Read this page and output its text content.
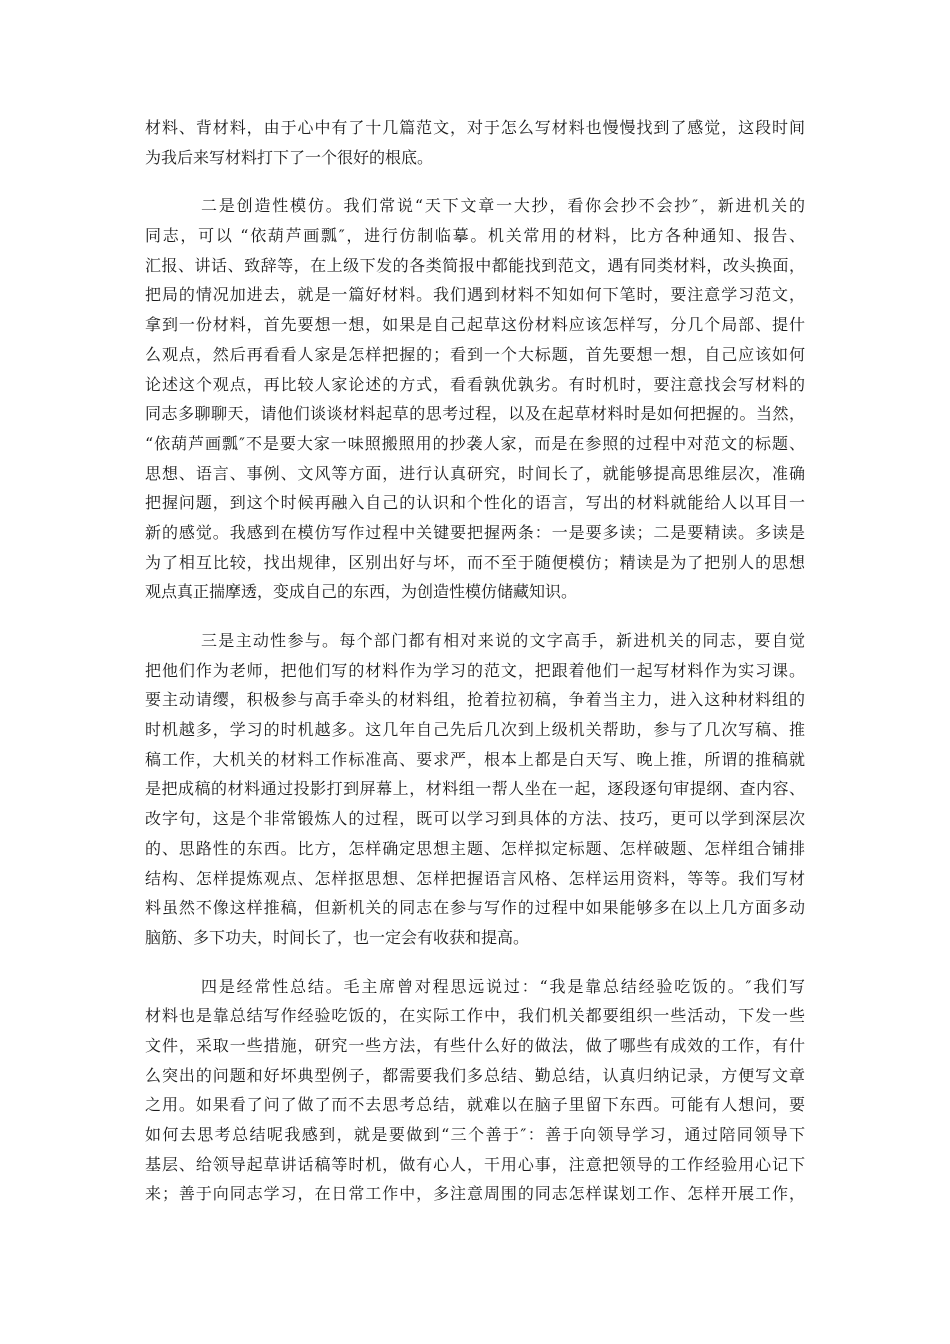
材料、背材料，由于心中有了十几篇范文，对于怎么写材料也慢慢找到了感觉，这段时间
为我后来写材料打下了一个很好的根底。
二是创造性模仿。我们常说“天下文章一大抄，看你会抄不会抄″，新进机关的
同志，可以 “依葫芦画瓢″，进行仿制临摹。机关常用的材料，比方各种通知、报告、
汇报、讲话、致辞等，在上级下发的各类简报中都能找到范文，遇有同类材料，改头换面，
把局的情况加进去，就是一篇好材料。我们遇到材料不知如何下笔时，要注意学习范文，
拿到一份材料，首先要想一想，如果是自己起草这份材料应该怎样写，分几个局部、提什
么观点，然后再看看人家是怎样把握的；看到一个大标题，首先要想一想，自己应该如何
论述这个观点，再比较人家论述的方式，看看孰优孰劣。有时机时，要注意找会写材料的
同志多聊聊天，请他们谈谈材料起草的思考过程，以及在起草材料时是如何把握的。当然，
“依葫芦画瓢″不是要大家一味照搬照用的抄袭人家，而是在参照的过程中对范文的标题、
思想、语言、事例、文风等方面，进行认真研究，时间长了，就能够提高思维层次，准确
把握问题，到这个时候再融入自己的认识和个性化的语言，写出的材料就能给人以耳目一
新的感觉。我感到在模仿写作过程中关键要把握两条：一是要多读；二是要精读。多读是
为了相互比较，找出规律，区别出好与坏，而不至于随便模仿；精读是为了把别人的思想
观点真正揣摩透，变成自己的东西，为创造性模仿储藏知识。
三是主动性参与。每个部门都有相对来说的文字高手，新进机关的同志，要自觉
把他们作为老师，把他们写的材料作为学习的范文，把跟着他们一起写材料作为实习课。
要主动请缨，积极参与高手牵头的材料组，抢着拉初稿，争着当主力，进入这种材料组的
时机越多，学习的时机越多。这几年自己先后几次到上级机关帮助，参与了几次写稿、推
稿工作，大机关的材料工作标准高、要求严，根本上都是白天写、晚上推，所谓的推稿就
是把成稿的材料通过投影打到屏幕上，材料组一帮人坐在一起，逐段逐句审提纲、查内容、
改字句，这是个非常锻炼人的过程，既可以学习到具体的方法、技巧，更可以学到深层次
的、思路性的东西。比方，怎样确定思想主题、怎样拟定标题、怎样破题、怎样组合铺排
结构、怎样提炼观点、怎样抠思想、怎样把握语言风格、怎样运用资料，等等。我们写材
料虽然不像这样推稿，但新机关的同志在参与写作的过程中如果能够多在以上几方面多动
脑筋、多下功夫，时间长了，也一定会有收获和提高。
四是经常性总结。毛主席曾对程思远说过：“我是靠总结经验吃饭的。″我们写
材料也是靠总结写作经验吃饭的，在实际工作中，我们机关都要组织一些活动，下发一些
文件，采取一些措施，研究一些方法，有些什么好的做法，做了哪些有成效的工作，有什
么突出的问题和好坏典型例子，都需要我们多总结、勤总结，认真归纳记录，方便写文章
之用。如果看了问了做了而不去思考总结，就难以在脑子里留下东西。可能有人想问，要
如何去思考总结呢我感到，就是要做到“三个善于″：善于向领导学习，通过陪同领导下
基层、给领导起草讲话稿等时机，做有心人，干用心事，注意把领导的工作经验用心记下
来；善于向同志学习，在日常工作中，多注意周围的同志怎样谋划工作、怎样开展工作，
